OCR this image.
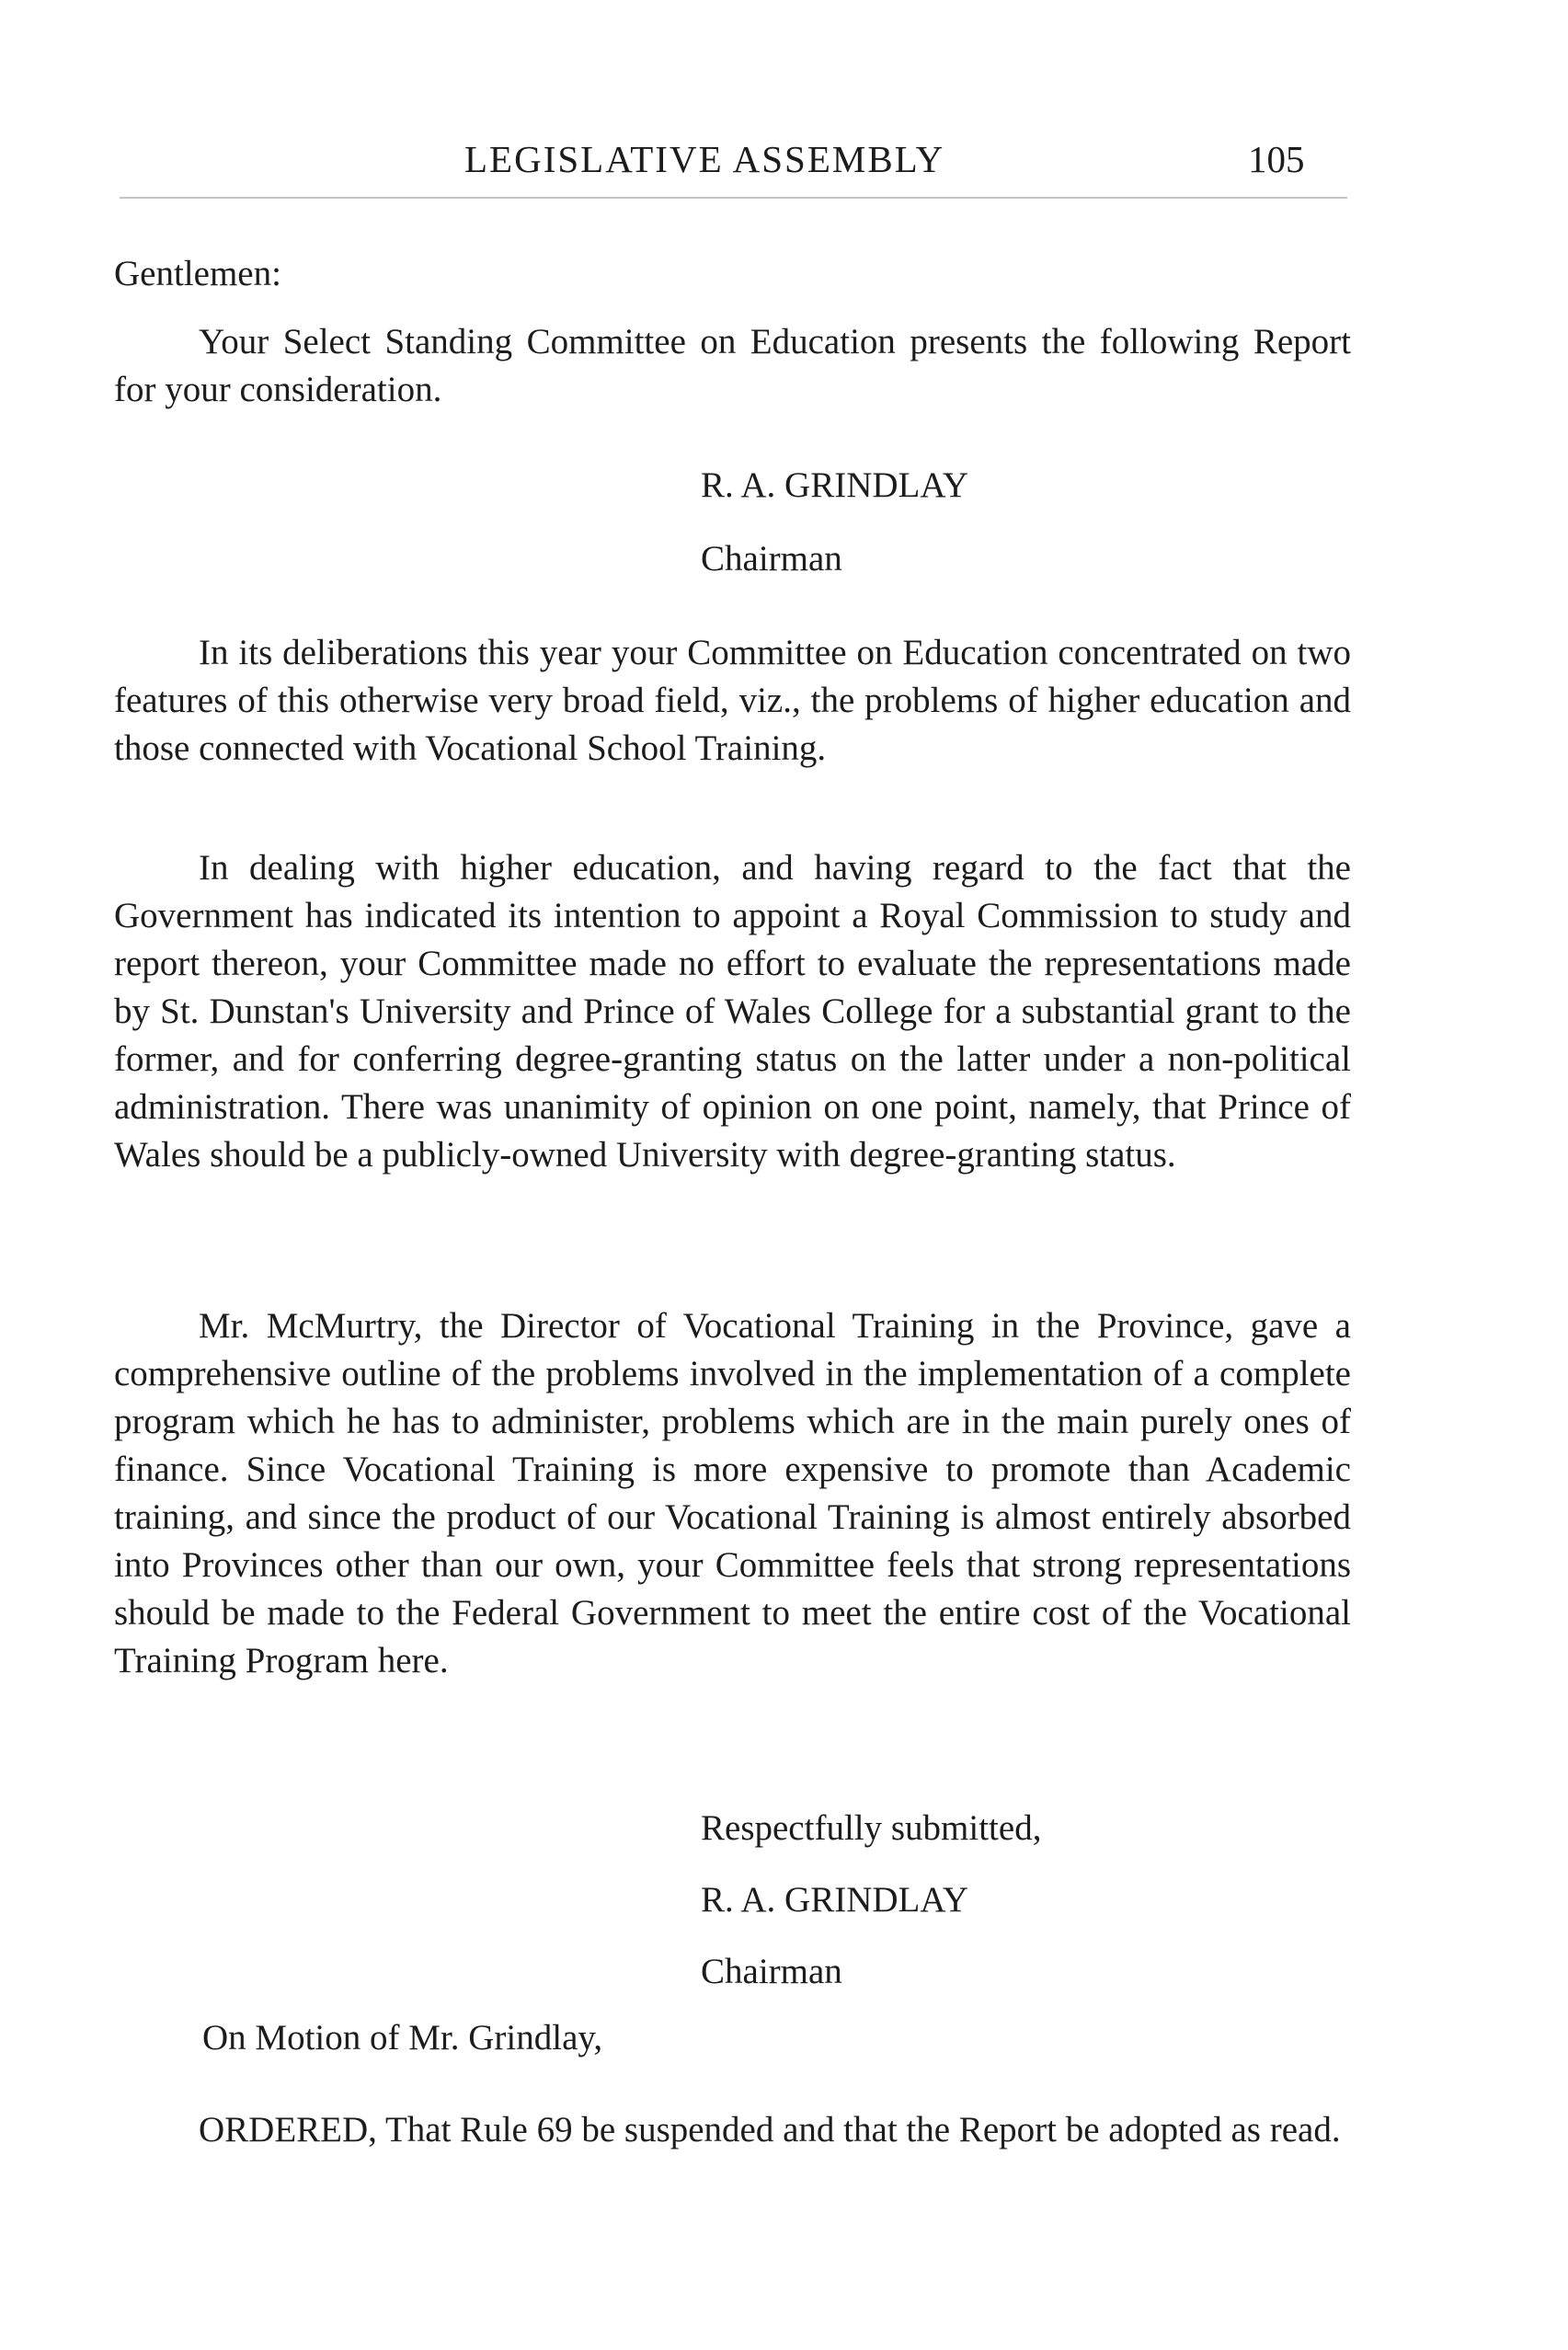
LEGISLATIVE ASSEMBLY	105
Gentlemen:

Your Select Standing Committee on Education presents the following Report for your consideration.

R. A. GRINDLAY
Chairman

In its deliberations this year your Committee on Education concentrated on two features of this otherwise very broad field, viz., the problems of higher education and those connected with Vocational School Training.

In dealing with higher education, and having regard to the fact that the Government has indicated its intention to appoint a Royal Commission to study and report thereon, your Committee made no effort to evaluate the representations made by St. Dunstan's University and Prince of Wales College for a substantial grant to the former, and for conferring degree-granting status on the latter under a non-political administration. There was unanimity of opinion on one point, namely, that Prince of Wales should be a publicly-owned University with degree-granting status.

Mr. McMurtry, the Director of Vocational Training in the Province, gave a comprehensive outline of the problems involved in the implementation of a complete program which he has to administer, problems which are in the main purely ones of finance. Since Vocational Training is more expensive to promote than Academic training, and since the product of our Vocational Training is almost entirely absorbed into Provinces other than our own, your Committee feels that strong representations should be made to the Federal Government to meet the entire cost of the Vocational Training Program here.

Respectfully submitted,
R. A. GRINDLAY
Chairman
On Motion of Mr. Grindlay,

ORDERED, That Rule 69 be suspended and that the Report be adopted as read.
